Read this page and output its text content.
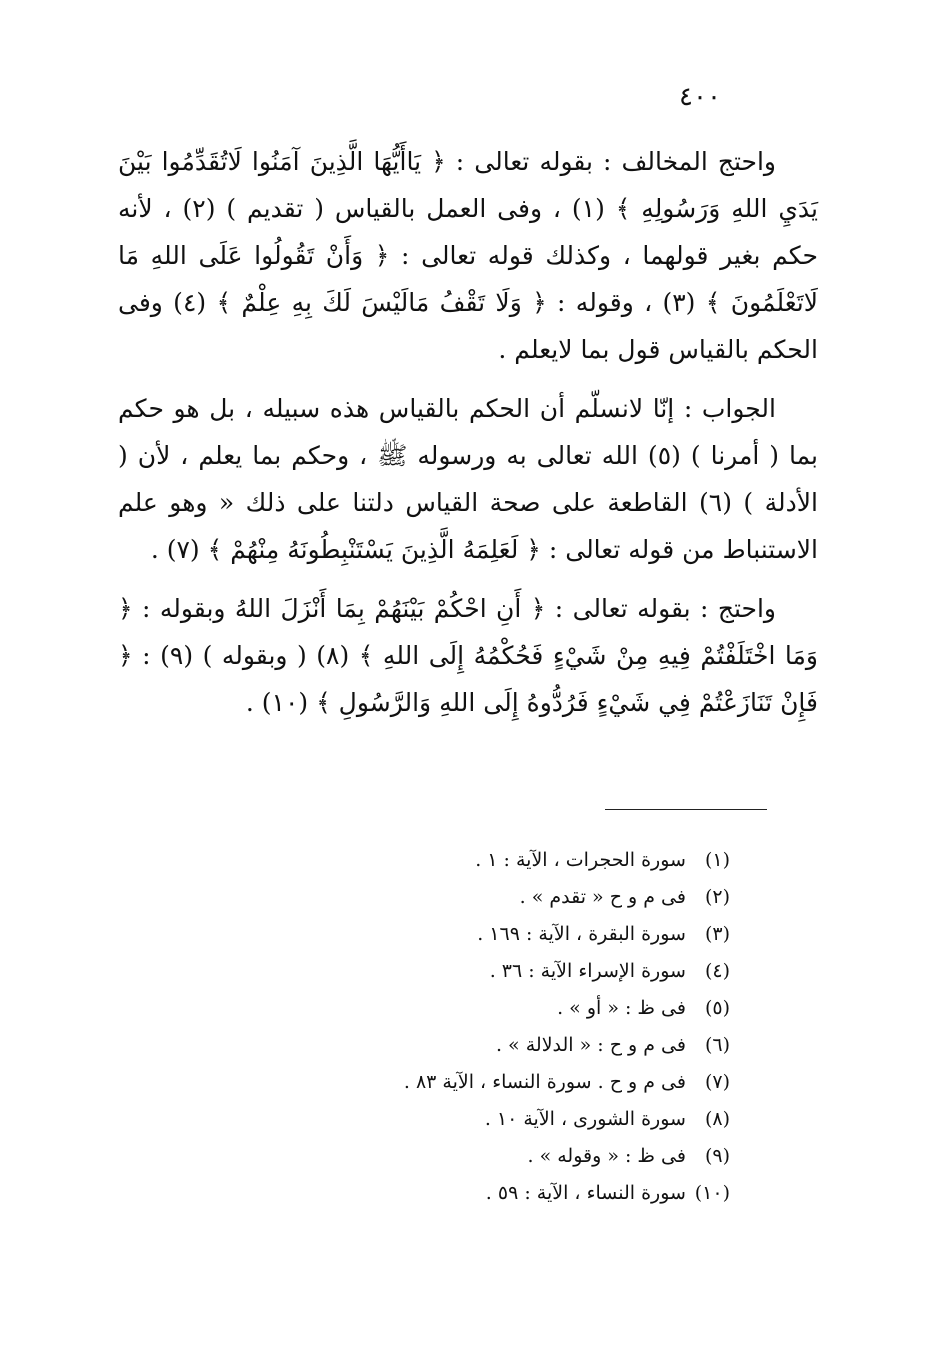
٤٠٠

واحتج المخالف : بقوله تعالى : ﴿ يَاأَيُّهَا الَّذِينَ آمَنُوا لَاتُقَدِّمُوا بَيْنَ يَدَيِ اللهِ وَرَسُولِهِ ﴾ (١) ، وفى العمل بالقياس ( تقديم ) (٢) ، لأنه حكم بغير قولهما ، وكذلك قوله تعالى : ﴿ وَأَنْ تَقُولُوا عَلَى اللهِ مَا لَاتَعْلَمُونَ ﴾ (٣) ، وقوله : ﴿ وَلَا تَقْفُ مَالَيْسَ لَكَ بِهِ عِلْمٌ ﴾ (٤) وفى الحكم بالقياس قول بما لايعلم .

الجواب : إنّا لانسلّم أن الحكم بالقياس هذه سبيله ، بل هو حكم بما ( أمرنا ) (٥) الله تعالى به ورسوله ﷺ ، وحكم بما يعلم ، لأن ( الأدلة ) (٦) القاطعة على صحة القياس دلتنا على ذلك « وهو علم الاستنباط من قوله تعالى : ﴿ لَعَلِمَهُ الَّذِينَ يَسْتَنْبِطُونَهُ مِنْهُمْ ﴾ (٧) .

واحتج : بقوله تعالى : ﴿ أَنِ احْكُمْ بَيْنَهُمْ بِمَا أَنْزَلَ اللهُ وبقوله : ﴿ وَمَا اخْتَلَفْتُمْ فِيهِ مِنْ شَيْءٍ فَحُكْمُهُ إِلَى اللهِ ﴾ (٨) ( وبقوله ) (٩) : ﴿ فَإِنْ تَنَازَعْتُمْ فِي شَيْءٍ فَرُدُّوهُ إِلَى اللهِ وَالرَّسُولِ ﴾ (١٠) .

(١) سورة الحجرات ، الآية : ١ .
(٢) فى م و ح « تقدم » .
(٣) سورة البقرة ، الآية : ١٦٩ .
(٤) سورة الإسراء الآية : ٣٦ .
(٥) فى ظ : « أو » .
(٦) فى م و ح : « الدلالة » .
(٧) فى م و ح . سورة النساء ، الآية ٨٣ .
(٨) سورة الشورى ، الآية ١٠ .
(٩) فى ظ : « وقوله » .
(١٠) سورة النساء ، الآية : ٥٩ .
